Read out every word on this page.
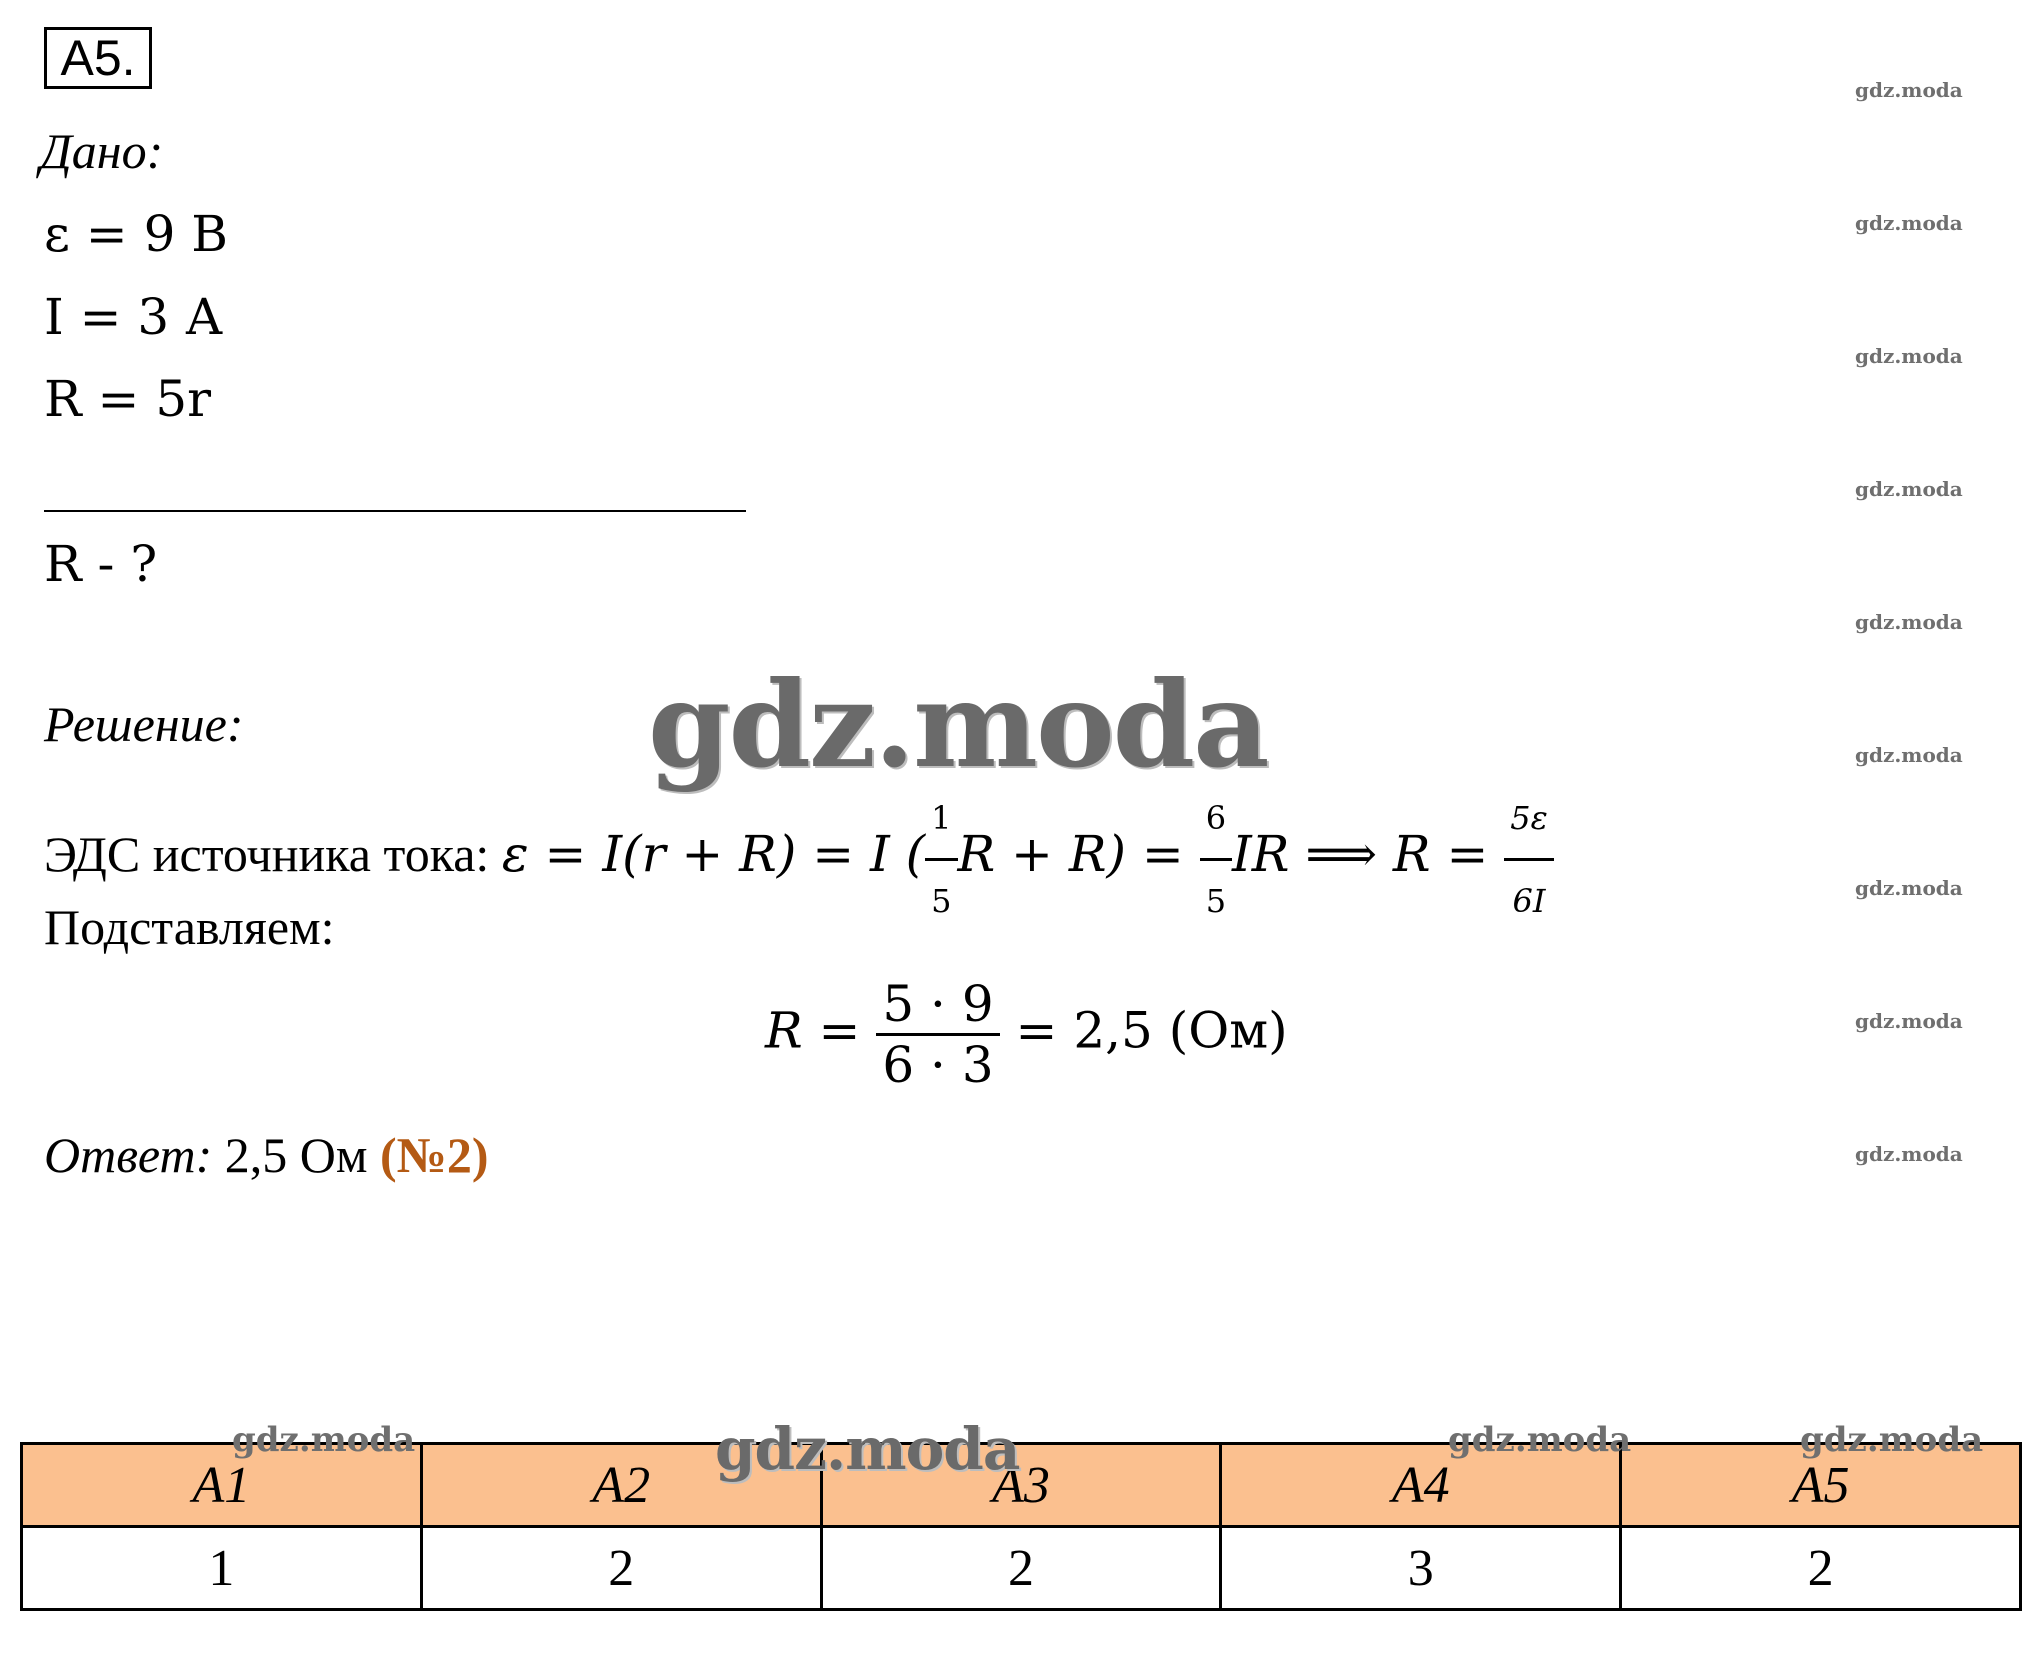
A5.
Дано:
ε = 9 В
I = 3 А
R = 5r
R - ?
Решение:
ЭДС источника тока: ε = I(r + R) = I ( $\frac{1}{5}$ $R + R) = \frac{6}{5}$ IR ⟹ $R = \frac{5\varepsilon}{6I}$
Подставляем:
$R = \frac{5 \cdot 9}{6 \cdot 3} = 2,5$ (Ом)
Ответ: 2,5 Ом (№2)
A1	A2	A3	A4	A5
1	2	2	3	2
gdz.moda
gdz.moda
gdz.moda
gdz.moda
gdz.moda
gdz.moda
gdz.moda
gdz.moda
gdz.moda
gdz.moda
gdz.moda
gdz.moda	gdz.moda	gdz.moda
